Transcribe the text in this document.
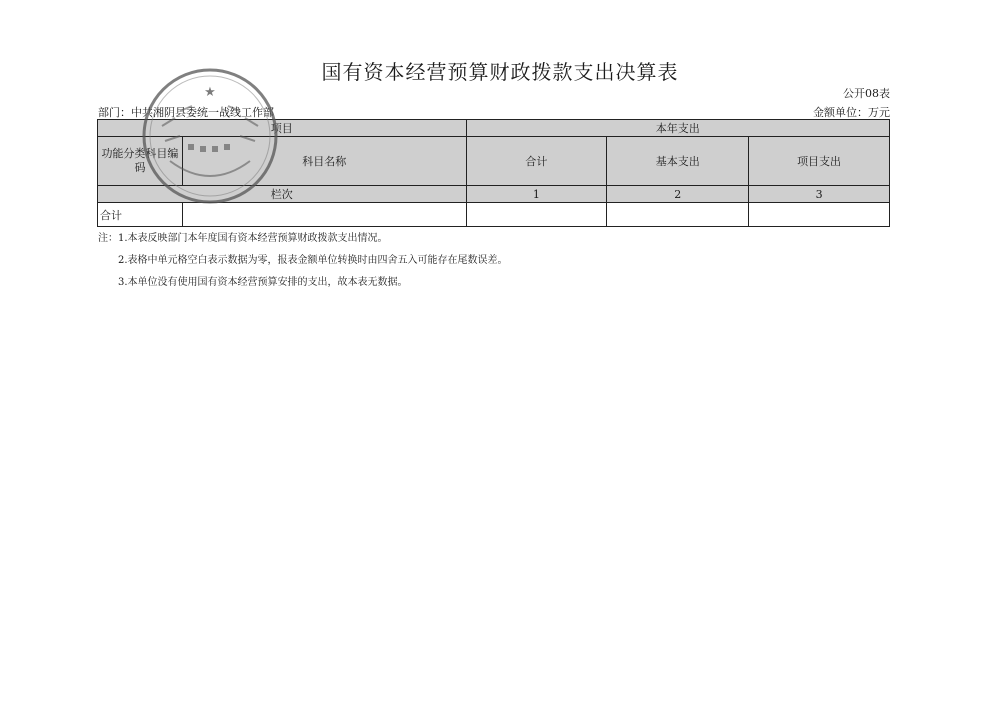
国有资本经营预算财政拨款支出决算表
公开08表
部门：中共湘阴县委统一战线工作部	金额单位：万元
项目		本年支出		
功能分类科目编码	科目名称	合计	基本支出	项目支出
栏次		1	2	3
合计				
注：1.本表反映部门本年度国有资本经营预算财政拨款支出情况。
2.表格中单元格空白表示数据为零，报表金额单位转换时由四舍五入可能存在尾数误差。
3.本单位没有使用国有资本经营预算安排的支出，故本表无数据。
★
